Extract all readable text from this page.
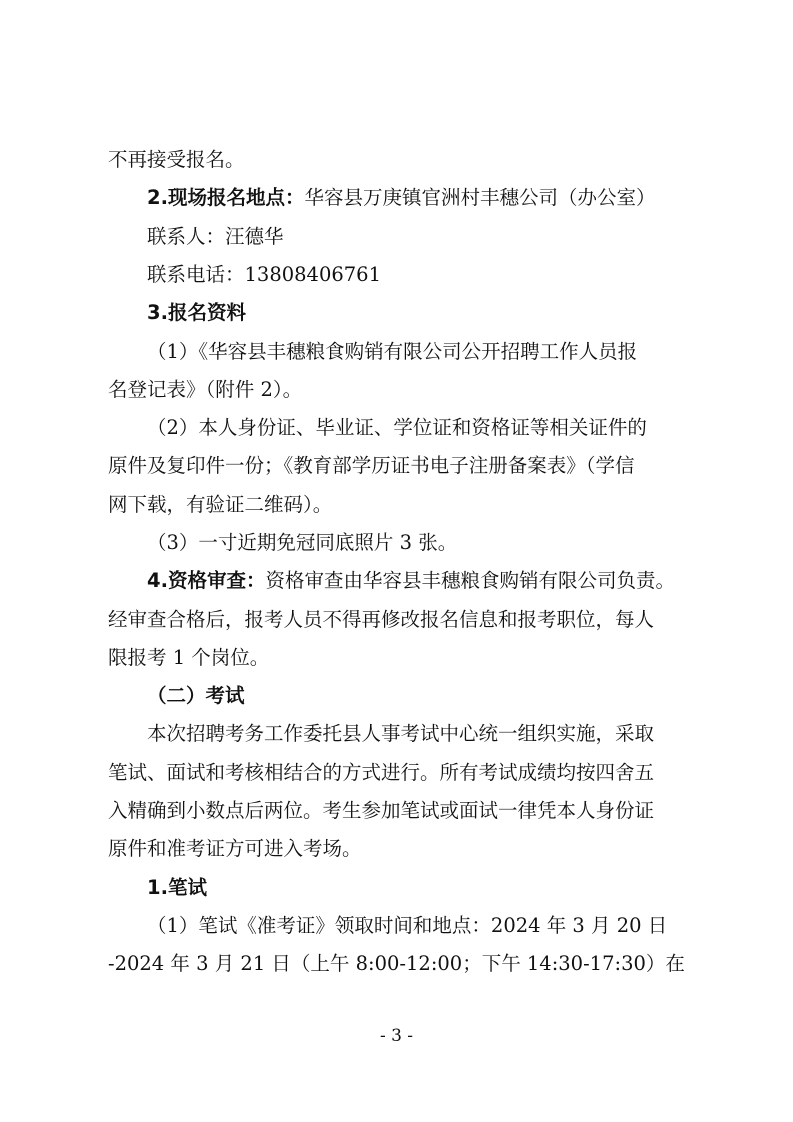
不再接受报名。
2.现场报名地点：华容县万庚镇官洲村丰穗公司（办公室）
联系人：汪德华
联系电话：13808406761
3.报名资料
（1）《华容县丰穗粮食购销有限公司公开招聘工作人员报
名登记表》（附件 2）。
（2）本人身份证、毕业证、学位证和资格证等相关证件的
原件及复印件一份；《教育部学历证书电子注册备案表》（学信
网下载，有验证二维码）。
（3）一寸近期免冠同底照片 3 张。
4.资格审查：资格审查由华容县丰穗粮食购销有限公司负责。
经审查合格后，报考人员不得再修改报名信息和报考职位，每人
限报考 1 个岗位。
（二）考试
本次招聘考务工作委托县人事考试中心统一组织实施，采取
笔试、面试和考核相结合的方式进行。所有考试成绩均按四舍五
入精确到小数点后两位。考生参加笔试或面试一律凭本人身份证
原件和准考证方可进入考场。
1.笔试
（1）笔试《准考证》领取时间和地点：2024 年 3 月 20 日
-2024 年 3 月 21 日（上午 8:00-12:00；下午 14:30-17:30）在
- 3 -
